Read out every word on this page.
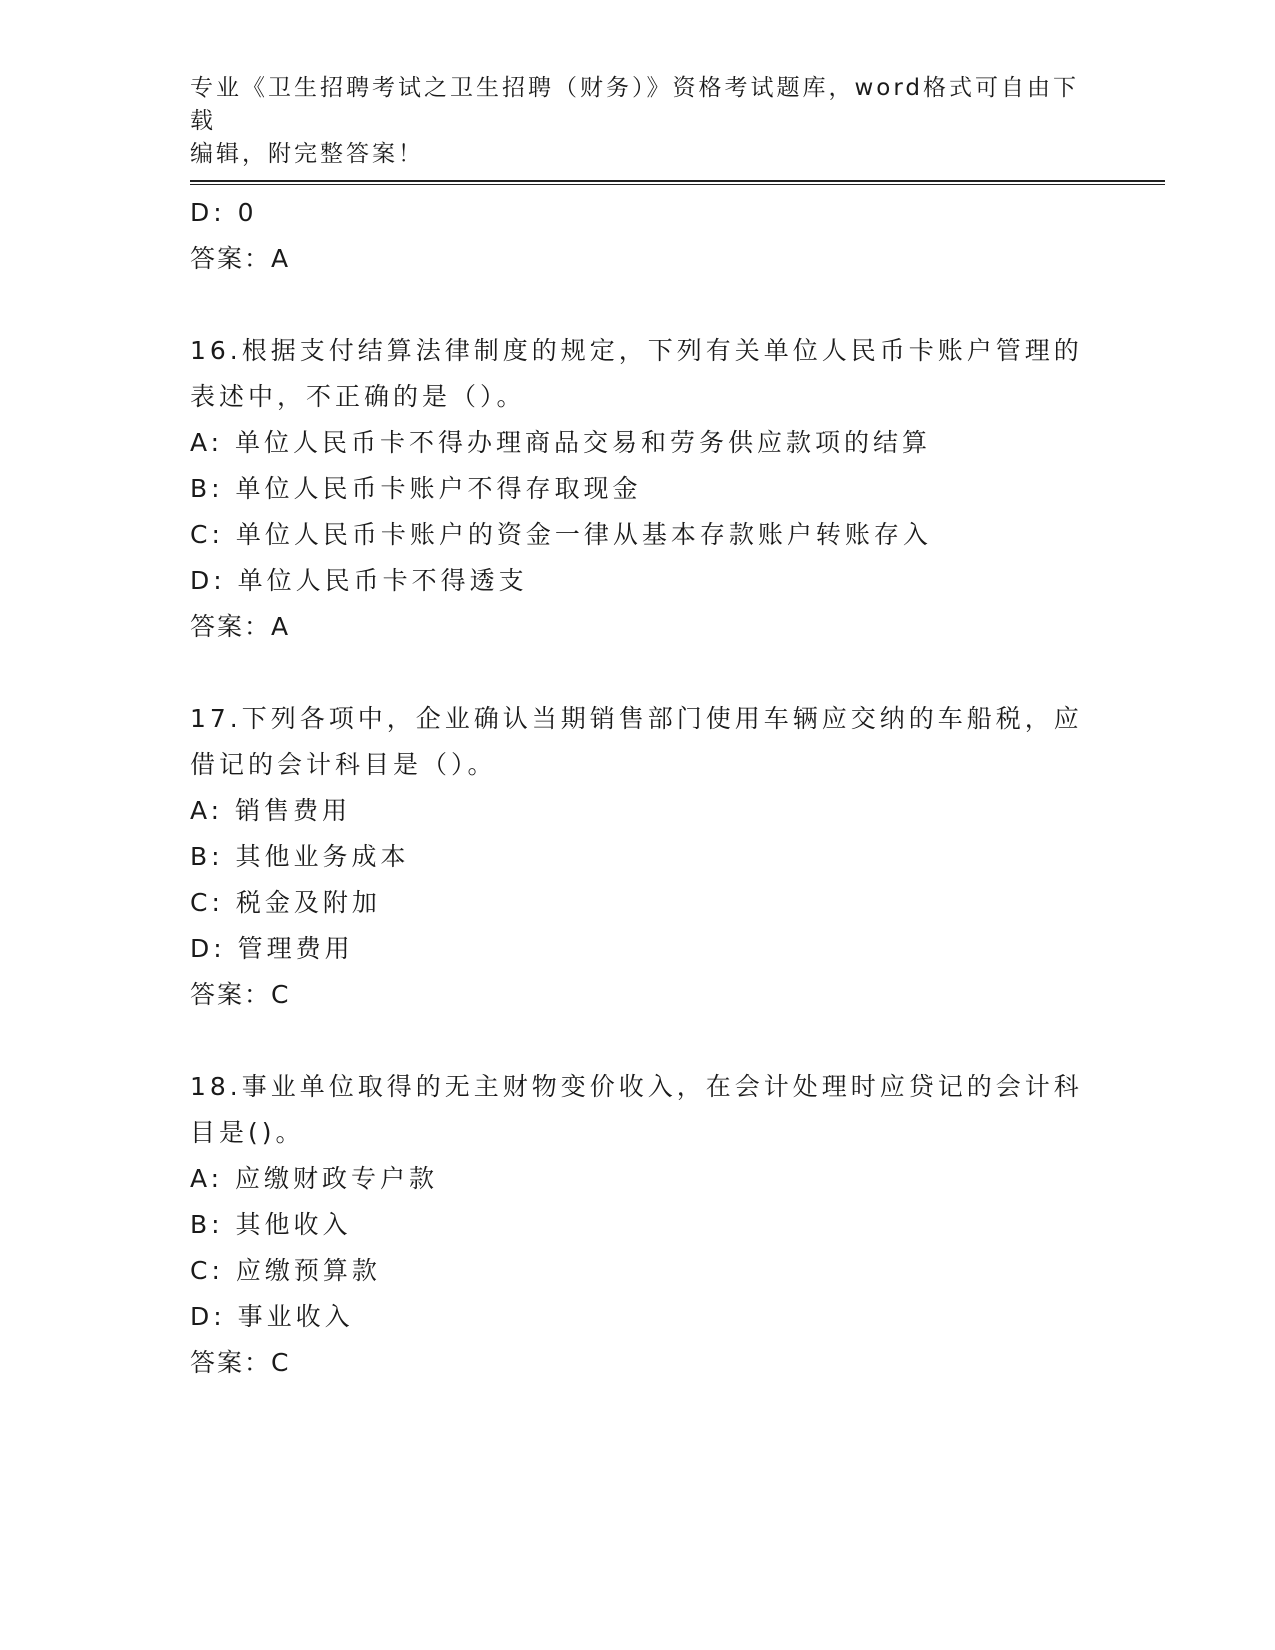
专业《卫生招聘考试之卫生招聘（财务）》资格考试题库，word格式可自由下载
编辑，附完整答案！
D: 0
答案：A
16.根据支付结算法律制度的规定，下列有关单位人民币卡账户管理的
表述中，不正确的是（）。
A: 单位人民币卡不得办理商品交易和劳务供应款项的结算
B: 单位人民币卡账户不得存取现金
C: 单位人民币卡账户的资金一律从基本存款账户转账存入
D: 单位人民币卡不得透支
答案：A
17.下列各项中，企业确认当期销售部门使用车辆应交纳的车船税，应
借记的会计科目是（）。
A: 销售费用
B: 其他业务成本
C: 税金及附加
D: 管理费用
答案：C
18.事业单位取得的无主财物变价收入，在会计处理时应贷记的会计科
目是()。
A: 应缴财政专户款
B: 其他收入
C: 应缴预算款
D: 事业收入
答案：C
